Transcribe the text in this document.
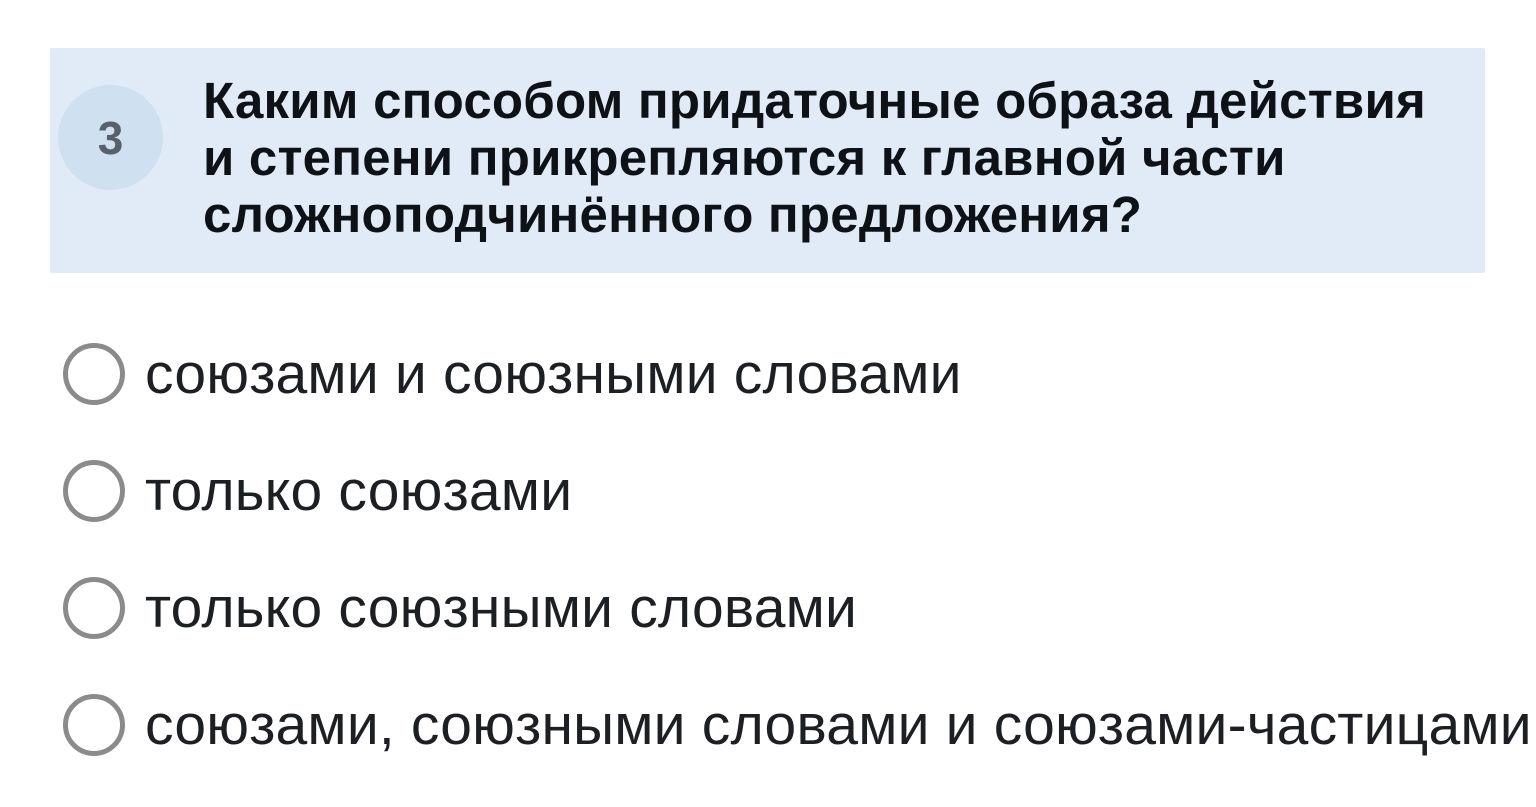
3
Каким способом придаточные образа действия и степени прикрепляются к главной части сложноподчинённого предложения?
союзами и союзными словами
только союзами
только союзными словами
союзами, союзными словами и союзами-частицами
